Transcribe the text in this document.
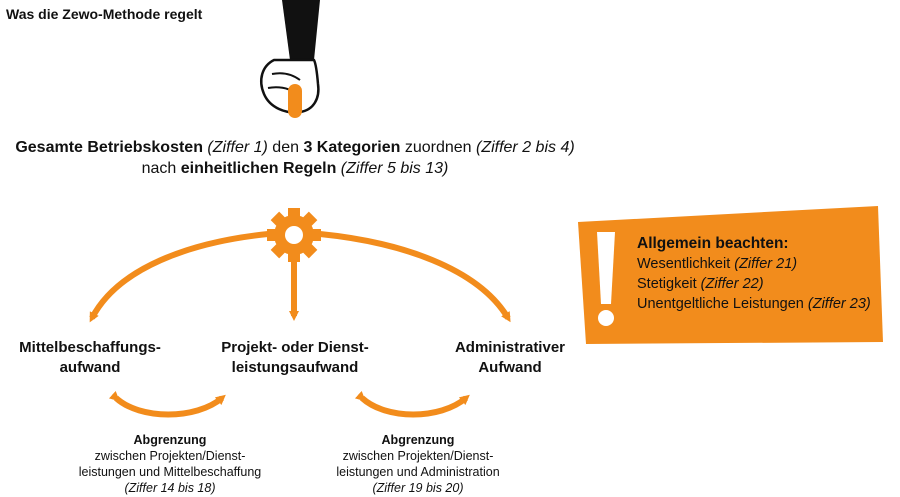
Was die Zewo-Methode regelt
Gesamte Betriebskosten (Ziffer 1) den 3 Kategorien zuordnen (Ziffer 2 bis 4)
nach einheitlichen Regeln (Ziffer 5 bis 13)
Mittelbeschaffungs-
aufwand
Projekt- oder Dienst-
leistungsaufwand
Administrativer
Aufwand
Abgrenzung
zwischen Projekten/Dienst-
leistungen und Mittelbeschaffung
(Ziffer 14 bis 18)
Abgrenzung
zwischen Projekten/Dienst-
leistungen und Administration
(Ziffer 19 bis 20)
Allgemein beachten:
Wesentlichkeit (Ziffer 21)
Stetigkeit (Ziffer 22)
Unentgeltliche Leistungen (Ziffer 23)
